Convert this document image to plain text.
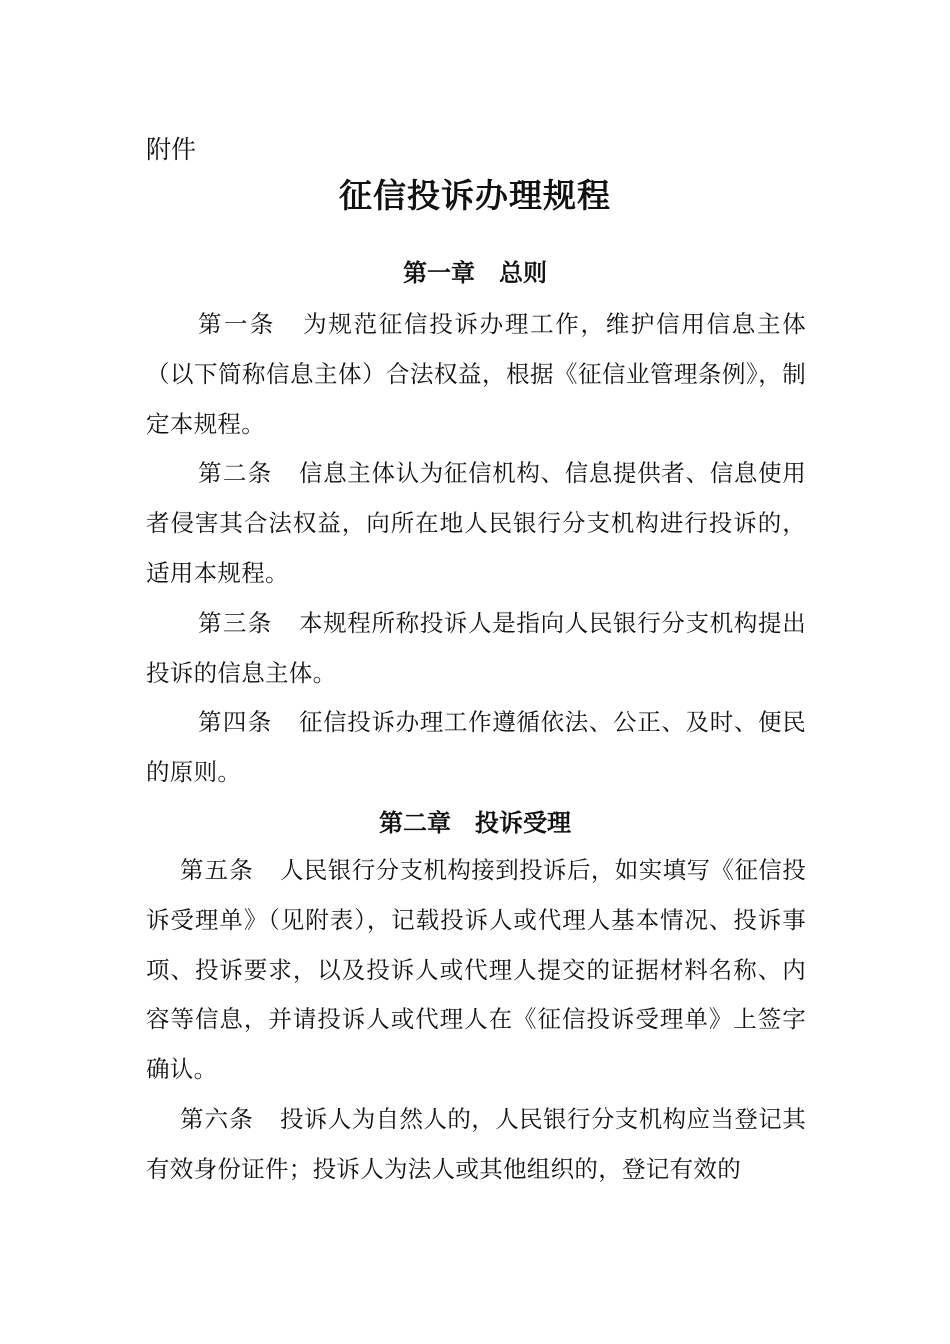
附件
征信投诉办理规程
第一章 总则

第一条 为规范征信投诉办理工作，维护信用信息主体（以下简称信息主体）合法权益，根据《征信业管理条例》，制定本规程。

第二条 信息主体认为征信机构、信息提供者、信息使用者侵害其合法权益，向所在地人民银行分支机构进行投诉的，适用本规程。

第三条 本规程所称投诉人是指向人民银行分支机构提出投诉的信息主体。

第四条 征信投诉办理工作遵循依法、公正、及时、便民的原则。

第二章 投诉受理

第五条 人民银行分支机构接到投诉后，如实填写《征信投诉受理单》（见附表），记载投诉人或代理人基本情况、投诉事项、投诉要求，以及投诉人或代理人提交的证据材料名称、内容等信息，并请投诉人或代理人在《征信投诉受理单》上签字确认。

第六条 投诉人为自然人的，人民银行分支机构应当登记其有效身份证件；投诉人为法人或其他组织的，登记有效的
